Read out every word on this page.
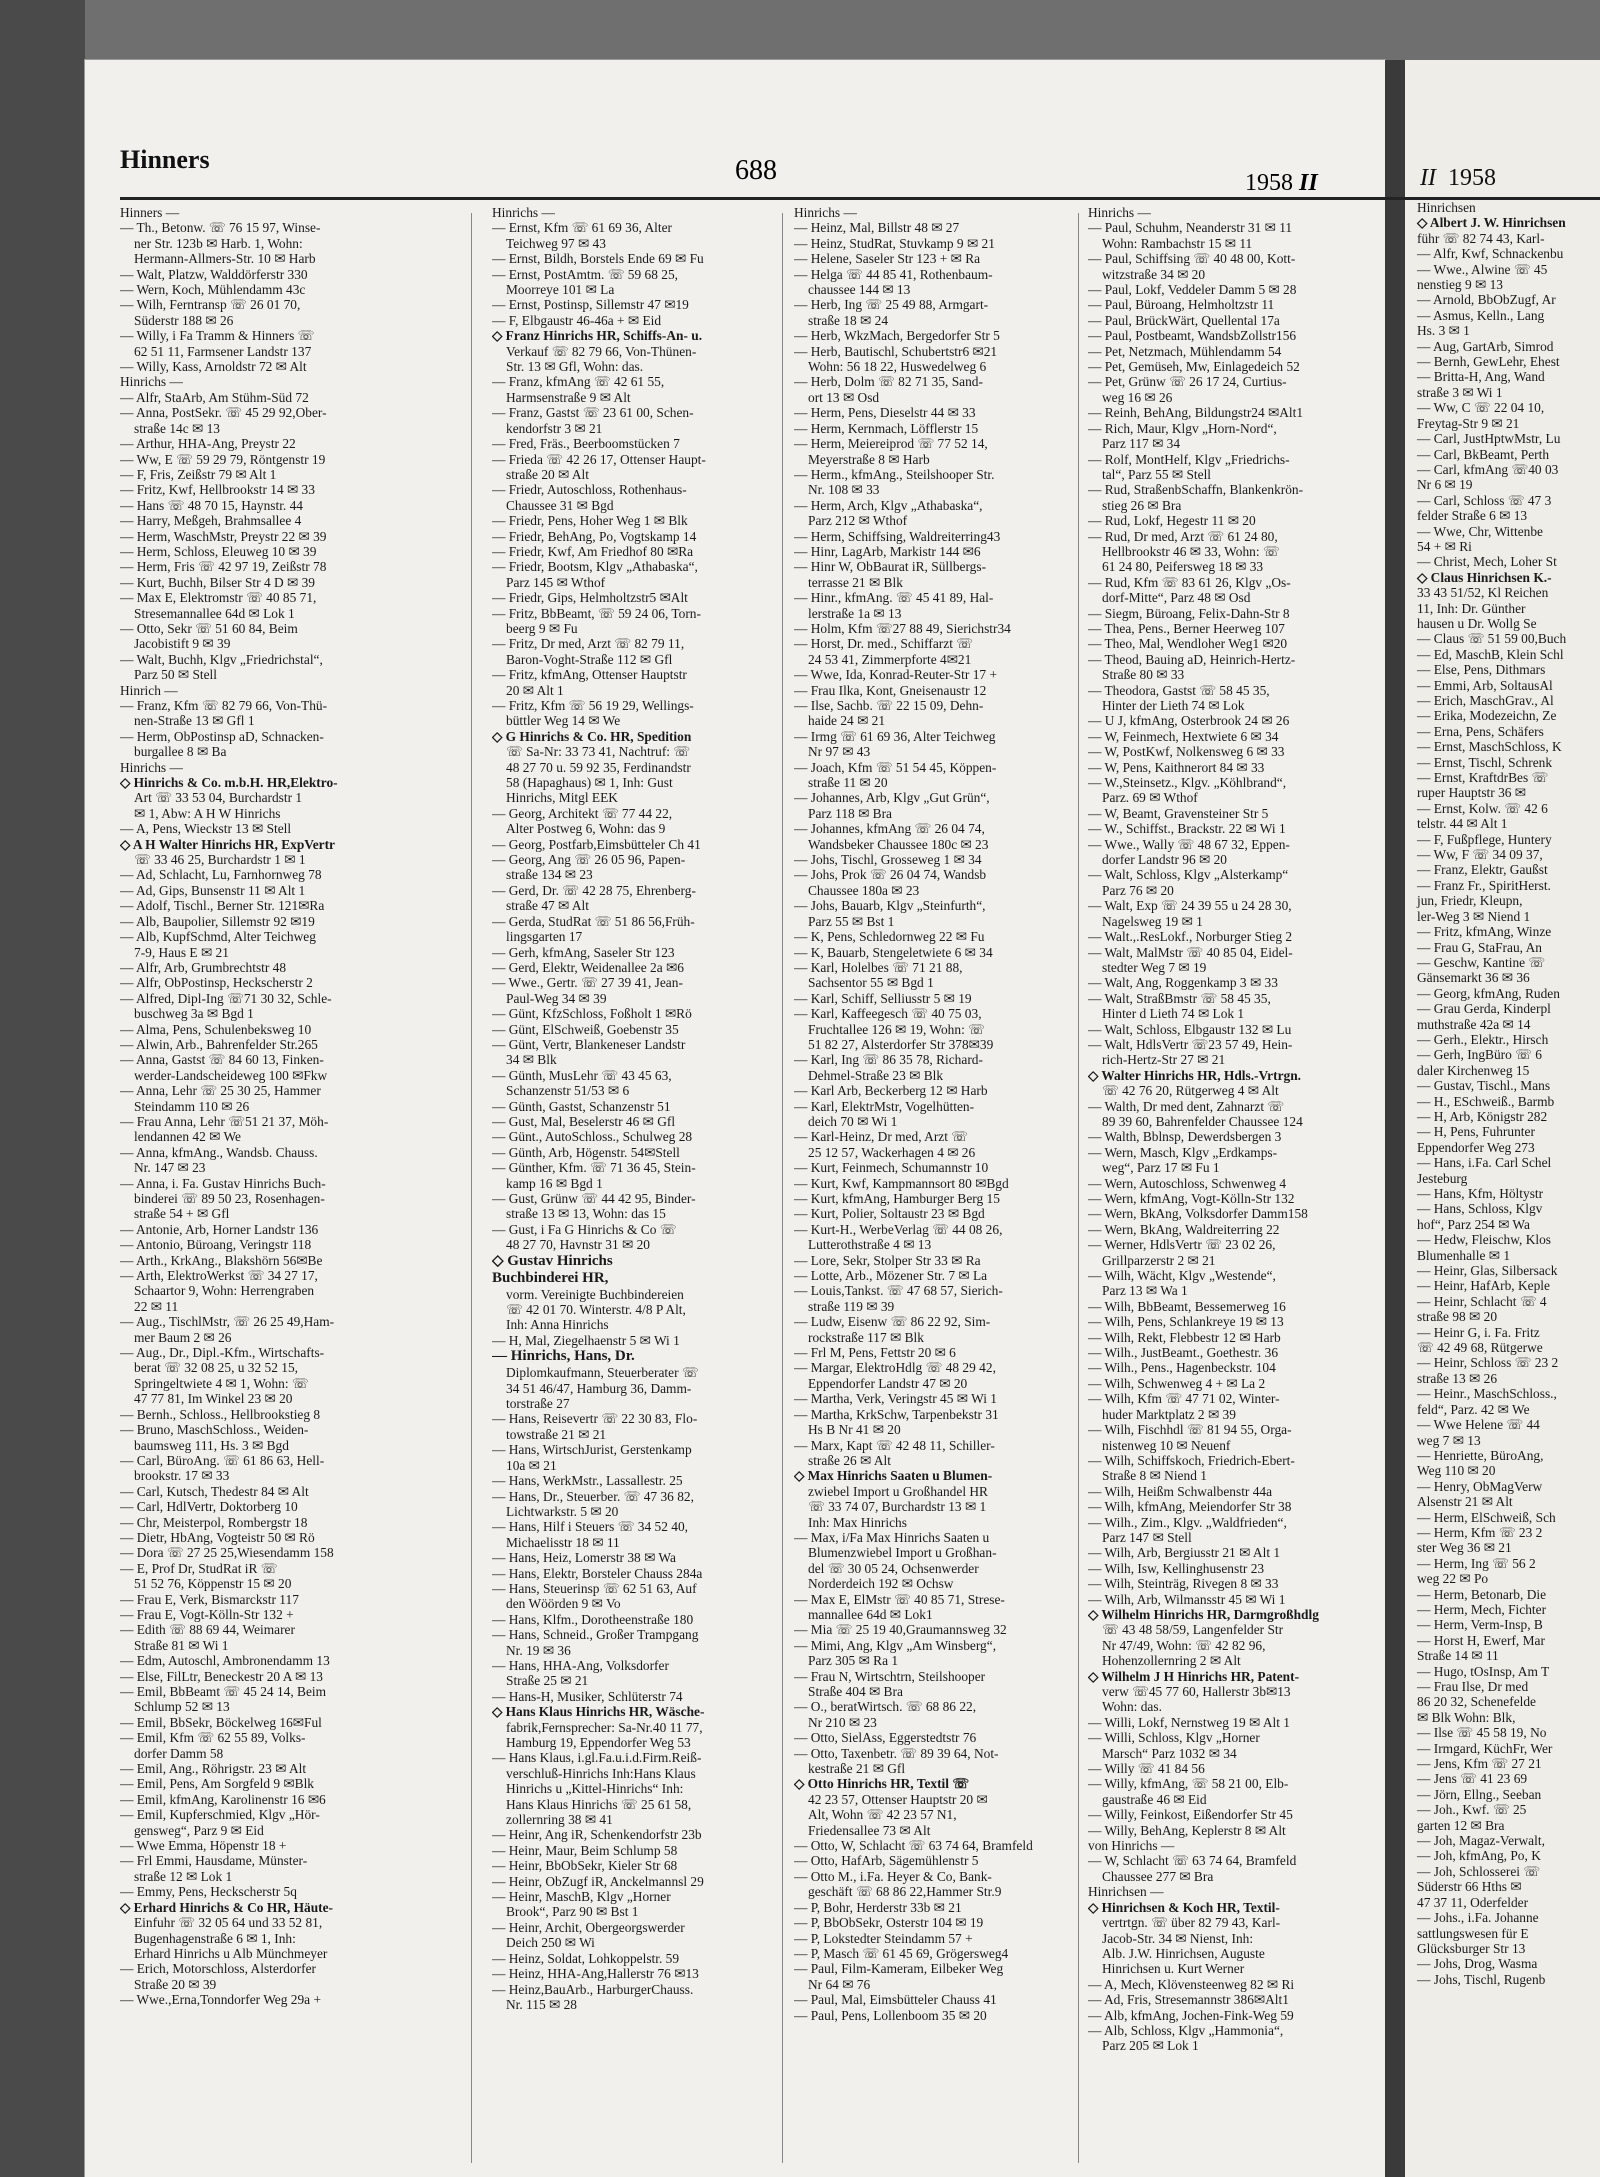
II 1958
Hinrichsen
◇ Albert J. W. Hinrichsen
führ ☏ 82 74 43, Karl-
— Alfr, Kwf, Schnackenbu
— Wwe., Alwine ☏ 45
nenstieg 9 ✉ 13
— Arnold, BbObZugf, Ar
— Asmus, Kelln., Lang
Hs. 3 ✉ 1
— Aug, GartArb, Simrod
— Bernh, GewLehr, Ehest
— Britta-H, Ang, Wand
straße 3 ✉ Wi 1
— Ww, C ☏ 22 04 10,
Freytag-Str 9 ✉ 21
— Carl, JustHptwMstr, Lu
— Carl, BkBeamt, Perth
— Carl, kfmAng ☏40 03
Nr 6 ✉ 19
— Carl, Schloss ☏ 47 3
felder Straße 6 ✉ 13
— Wwe, Chr, Wittenbe
54 + ✉ Ri
— Christ, Mech, Loher St
◇ Claus Hinrichsen K.-
33 43 51/52, Kl Reichen
11, Inh: Dr. Günther
hausen u Dr. Wollg Se
— Claus ☏ 51 59 00,Buch
— Ed, MaschB, Klein Schl
— Else, Pens, Dithmars
— Emmi, Arb, SoltausAl
— Erich, MaschGrav., Al
— Erika, Modezeichn, Ze
— Erna, Pens, Schäfers
— Ernst, MaschSchloss, K
— Ernst, Tischl, Schrenk
— Ernst, KraftdrBes ☏
ruper Hauptstr 36 ✉
— Ernst, Kolw. ☏ 42 6
telstr. 44 ✉ Alt 1
— F, Fußpflege, Huntery
— Ww, F ☏ 34 09 37,
— Franz, Elektr, Gaußst
— Franz Fr., SpiritHerst.
jun, Friedr, Kleupn,
ler-Weg 3 ✉ Niend 1
— Fritz, kfmAng, Winze
— Frau G, StaFrau, An
— Geschw, Kantine ☏
Gänsemarkt 36 ✉ 36
— Georg, kfmAng, Ruden
— Grau Gerda, Kinderpl
muthstraße 42a ✉ 14
— Gerh., Elektr., Hirsch
— Gerh, IngBüro ☏ 6
daler Kirchenweg 15
— Gustav, Tischl., Mans
— H., ESchweiß., Barmb
— H, Arb, Königstr 282
— H, Pens, Fuhrunter
Eppendorfer Weg 273
— Hans, i.Fa. Carl Schel
Jesteburg
— Hans, Kfm, Höltystr
— Hans, Schloss, Klgv
hof“, Parz 254 ✉ Wa
— Hedw, Fleischw, Klos
Blumenhalle ✉ 1
— Heinr, Glas, Silbersack
— Heinr, HafArb, Keple
— Heinr, Schlacht ☏ 4
straße 98 ✉ 20
— Heinr G, i. Fa. Fritz
☏ 42 49 68, Rütgerwe
— Heinr, Schloss ☏ 23 2
straße 13 ✉ 26
— Heinr., MaschSchloss.,
feld“, Parz. 42 ✉ We
— Wwe Helene ☏ 44
weg 7 ✉ 13
— Henriette, BüroAng,
Weg 110 ✉ 20
— Henry, ObMagVerw
Alsenstr 21 ✉ Alt
— Herm, ElSchweiß, Sch
— Herm, Kfm ☏ 23 2
ster Weg 36 ✉ 21
— Herm, Ing ☏ 56 2
weg 22 ✉ Po
— Herm, Betonarb, Die
— Herm, Mech, Fichter
— Herm, Verm-Insp, B
— Horst H, Ewerf, Mar
Straße 14 ✉ 11
— Hugo, tOsInsp, Am T
— Frau Ilse, Dr med
86 20 32, Schenefelde
✉ Blk Wohn: Blk,
— Ilse ☏ 45 58 19, No
— Irmgard, KüchFr, Wer
— Jens, Kfm ☏ 27 21
— Jens ☏ 41 23 69
— Jörn, Ellng., Seeban
— Joh., Kwf. ☏ 25
garten 12 ✉ Bra
— Joh, Magaz-Verwalt,
— Joh, kfmAng, Po, K
— Joh, Schlosserei ☏
Süderstr 66 Hths ✉
47 37 11, Oderfelder
— Johs., i.Fa. Johanne
sattlungswesen für E
Glücksburger Str 13
— Johs, Drog, Wasma
— Johs, Tischl, Rugenb
Hinners	688	1958 II
Hinners —
— Th., Betonw. ☏ 76 15 97, Winse-
ner Str. 123b ✉ Harb. 1, Wohn:
Hermann-Allmers-Str. 10 ✉ Harb
— Walt, Platzw, Walddörferstr 330
— Wern, Koch, Mühlendamm 43c
— Wilh, Ferntransp ☏ 26 01 70,
Süderstr 188 ✉ 26
— Willy, i Fa Tramm & Hinners ☏
62 51 11, Farmsener Landstr 137
— Willy, Kass, Arnoldstr 72 ✉ Alt
Hinrichs —
— Alfr, StaArb, Am Stühm-Süd 72
— Anna, PostSekr. ☏ 45 29 92,Ober-
straße 14c ✉ 13
— Arthur, HHA-Ang, Preystr 22
— Ww, E ☏ 59 29 79, Röntgenstr 19
— F, Fris, Zeißstr 79 ✉ Alt 1
— Fritz, Kwf, Hellbrookstr 14 ✉ 33
— Hans ☏ 48 70 15, Haynstr. 44
— Harry, Meßgeh, Brahmsallee 4
— Herm, WaschMstr, Preystr 22 ✉ 39
— Herm, Schloss, Eleuweg 10 ✉ 39
— Herm, Fris ☏ 42 97 19, Zeißstr 78
— Kurt, Buchh, Bilser Str 4 D ✉ 39
— Max E, Elektromstr ☏ 40 85 71,
Stresemannallee 64d ✉ Lok 1
— Otto, Sekr ☏ 51 60 84, Beim
Jacobistift 9 ✉ 39
— Walt, Buchh, Klgv „Friedrichstal“,
Parz 50 ✉ Stell
Hinrich —
— Franz, Kfm ☏ 82 79 66, Von-Thü-
nen-Straße 13 ✉ Gfl 1
— Herm, ObPostinsp aD, Schnacken-
burgallee 8 ✉ Ba
Hinrichs —
◇ Hinrichs & Co. m.b.H. HR,Elektro-
Art ☏ 33 53 04, Burchardstr 1
✉ 1, Abw: A H W Hinrichs
— A, Pens, Wieckstr 13 ✉ Stell
◇ A H Walter Hinrichs HR, ExpVertr
☏ 33 46 25, Burchardstr 1 ✉ 1
— Ad, Schlacht, Lu, Farnhornweg 78
— Ad, Gips, Bunsenstr 11 ✉ Alt 1
— Adolf, Tischl., Berner Str. 121✉Ra
— Alb, Baupolier, Sillemstr 92 ✉19
— Alb, KupfSchmd, Alter Teichweg
7-9, Haus E ✉ 21
— Alfr, Arb, Grumbrechtstr 48
— Alfr, ObPostinsp, Heckscherstr 2
— Alfred, Dipl-Ing ☏71 30 32, Schle-
buschweg 3a ✉ Bgd 1
— Alma, Pens, Schulenbeksweg 10
— Alwin, Arb., Bahrenfelder Str.265
— Anna, Gastst ☏ 84 60 13, Finken-
werder-Landscheideweg 100 ✉Fkw
— Anna, Lehr ☏ 25 30 25, Hammer
Steindamm 110 ✉ 26
— Frau Anna, Lehr ☏51 21 37, Möh-
lendannen 42 ✉ We
— Anna, kfmAng., Wandsb. Chauss.
Nr. 147 ✉ 23
— Anna, i. Fa. Gustav Hinrichs Buch-
binderei ☏ 89 50 23, Rosenhagen-
straße 54 + ✉ Gfl
— Antonie, Arb, Horner Landstr 136
— Antonio, Büroang, Veringstr 118
— Arth., KrkAng., Blakshörn 56✉Be
— Arth, ElektroWerkst ☏ 34 27 17,
Schaartor 9, Wohn: Herrengraben
22 ✉ 11
— Aug., TischlMstr, ☏ 26 25 49,Ham-
mer Baum 2 ✉ 26
— Aug., Dr., Dipl.-Kfm., Wirtschafts-
berat ☏ 32 08 25, u 32 52 15,
Springeltwiete 4 ✉ 1, Wohn: ☏
47 77 81, Im Winkel 23 ✉ 20
— Bernh., Schloss., Hellbrookstieg 8
— Bruno, MaschSchloss., Weiden-
baumsweg 111, Hs. 3 ✉ Bgd
— Carl, BüroAng. ☏ 61 86 63, Hell-
brookstr. 17 ✉ 33
— Carl, Kutsch, Thedestr 84 ✉ Alt
— Carl, HdlVertr, Doktorberg 10
— Chr, Meisterpol, Rombergstr 18
— Dietr, HbAng, Vogteistr 50 ✉ Rö
— Dora ☏ 27 25 25,Wiesendamm 158
— E, Prof Dr, StudRat iR ☏
51 52 76, Köppenstr 15 ✉ 20
— Frau E, Verk, Bismarckstr 117
— Frau E, Vogt-Kölln-Str 132 +
— Edith ☏ 88 69 44, Weimarer
Straße 81 ✉ Wi 1
— Edm, Autoschl, Ambronendamm 13
— Else, FilLtr, Beneckestr 20 A ✉ 13
— Emil, BbBeamt ☏ 45 24 14, Beim
Schlump 52 ✉ 13
— Emil, BbSekr, Böckelweg 16✉Ful
— Emil, Kfm ☏ 62 55 89, Volks-
dorfer Damm 58
— Emil, Ang., Röhrigstr. 23 ✉ Alt
— Emil, Pens, Am Sorgfeld 9 ✉Blk
— Emil, kfmAng, Karolinenstr 16 ✉6
— Emil, Kupferschmied, Klgv „Hör-
gensweg“, Parz 9 ✉ Eid
— Wwe Emma, Höpenstr 18 +
— Frl Emmi, Hausdame, Münster-
straße 12 ✉ Lok 1
— Emmy, Pens, Heckscherstr 5q
◇ Erhard Hinrichs & Co HR, Häute-
Einfuhr ☏ 32 05 64 und 33 52 81,
Bugenhagenstraße 6 ✉ 1, Inh:
Erhard Hinrichs u Alb Münchmeyer
— Erich, Motorschloss, Alsterdorfer
Straße 20 ✉ 39
— Wwe.,Erna,Tonndorfer Weg 29a +
Hinrichs —
— Ernst, Kfm ☏ 61 69 36, Alter
Teichweg 97 ✉ 43
— Ernst, Bildh, Borstels Ende 69 ✉ Fu
— Ernst, PostAmtm. ☏ 59 68 25,
Moorreye 101 ✉ La
— Ernst, Postinsp, Sillemstr 47 ✉19
— F, Elbgaustr 46-46a + ✉ Eid
◇ Franz Hinrichs HR, Schiffs-An- u.
Verkauf ☏ 82 79 66, Von-Thünen-
Str. 13 ✉ Gfl, Wohn: das.
— Franz, kfmAng ☏ 42 61 55,
Harmsenstraße 9 ✉ Alt
— Franz, Gastst ☏ 23 61 00, Schen-
kendorfstr 3 ✉ 21
— Fred, Fräs., Beerboomstücken 7
— Frieda ☏ 42 26 17, Ottenser Haupt-
straße 20 ✉ Alt
— Friedr, Autoschloss, Rothenhaus-
Chaussee 31 ✉ Bgd
— Friedr, Pens, Hoher Weg 1 ✉ Blk
— Friedr, BehAng, Po, Vogtskamp 14
— Friedr, Kwf, Am Friedhof 80 ✉Ra
— Friedr, Bootsm, Klgv „Athabaska“,
Parz 145 ✉ Wthof
— Friedr, Gips, Helmholtzstr5 ✉Alt
— Fritz, BbBeamt, ☏ 59 24 06, Torn-
beerg 9 ✉ Fu
— Fritz, Dr med, Arzt ☏ 82 79 11,
Baron-Voght-Straße 112 ✉ Gfl
— Fritz, kfmAng, Ottenser Hauptstr
20 ✉ Alt 1
— Fritz, Kfm ☏ 56 19 29, Wellings-
büttler Weg 14 ✉ We
◇ G Hinrichs & Co. HR, Spedition
☏ Sa-Nr: 33 73 41, Nachtruf: ☏
48 27 70 u. 59 92 35, Ferdinandstr
58 (Hapaghaus) ✉ 1, Inh: Gust
Hinrichs, Mitgl EEK
— Georg, Architekt ☏ 77 44 22,
Alter Postweg 6, Wohn: das 9
— Georg, Postfarb,Eimsbütteler Ch 41
— Georg, Ang ☏ 26 05 96, Papen-
straße 134 ✉ 23
— Gerd, Dr. ☏ 42 28 75, Ehrenberg-
straße 47 ✉ Alt
— Gerda, StudRat ☏ 51 86 56,Früh-
lingsgarten 17
— Gerh, kfmAng, Saseler Str 123
— Gerd, Elektr, Weidenallee 2a ✉6
— Wwe., Gertr. ☏ 27 39 41, Jean-
Paul-Weg 34 ✉ 39
— Günt, KfzSchloss, Foßholt 1 ✉Rö
— Günt, ElSchweiß, Goebenstr 35
— Günt, Vertr, Blankeneser Landstr
34 ✉ Blk
— Günth, MusLehr ☏ 43 45 63,
Schanzenstr 51/53 ✉ 6
— Günth, Gastst, Schanzenstr 51
— Gust, Mal, Beselerstr 46 ✉ Gfl
— Günt., AutoSchloss., Schulweg 28
— Günth, Arb, Högenstr. 54✉Stell
— Günther, Kfm. ☏ 71 36 45, Stein-
kamp 16 ✉ Bgd 1
— Gust, Grünw ☏ 44 42 95, Binder-
straße 13 ✉ 13, Wohn: das 15
— Gust, i Fa G Hinrichs & Co ☏
48 27 70, Havnstr 31 ✉ 20
◇ Gustav Hinrichs
Buchbinderei HR,
vorm. Vereinigte Buchbindereien
☏ 42 01 70. Winterstr. 4/8 P Alt,
Inh: Anna Hinrichs
— H, Mal, Ziegelhaenstr 5 ✉ Wi 1
— Hinrichs, Hans, Dr.
Diplomkaufmann, Steuerberater ☏
34 51 46/47, Hamburg 36, Damm-
torstraße 27
— Hans, Reisevertr ☏ 22 30 83, Flo-
towstraße 21 ✉ 21
— Hans, WirtschJurist, Gerstenkamp
10a ✉ 21
— Hans, WerkMstr., Lassallestr. 25
— Hans, Dr., Steuerber. ☏ 47 36 82,
Lichtwarkstr. 5 ✉ 20
— Hans, Hilf i Steuers ☏ 34 52 40,
Michaelisstr 18 ✉ 11
— Hans, Heiz, Lomerstr 38 ✉ Wa
— Hans, Elektr, Borsteler Chauss 284a
— Hans, Steuerinsp ☏ 62 51 63, Auf
den Wöörden 9 ✉ Vo
— Hans, Klfm., Dorotheenstraße 180
— Hans, Schneid., Großer Trampgang
Nr. 19 ✉ 36
— Hans, HHA-Ang, Volksdorfer
Straße 25 ✉ 21
— Hans-H, Musiker, Schlüterstr 74
◇ Hans Klaus Hinrichs HR, Wäsche-
fabrik,Fernsprecher: Sa-Nr.40 11 77,
Hamburg 19, Eppendorfer Weg 53
— Hans Klaus, i.gl.Fa.u.i.d.Firm.Reiß-
verschluß-Hinrichs Inh:Hans Klaus
Hinrichs u „Kittel-Hinrichs“ Inh:
Hans Klaus Hinrichs ☏ 25 61 58,
zollernring 38 ✉ 41
— Heinr, Ang iR, Schenkendorfstr 23b
— Heinr, Maur, Beim Schlump 58
— Heinr, BbObSekr, Kieler Str 68
— Heinr, ObZugf iR, Anckelmannsl 29
— Heinr, MaschB, Klgv „Horner
Brook“, Parz 90 ✉ Bst 1
— Heinr, Archit, Obergeorgswerder
Deich 250 ✉ Wi
— Heinz, Soldat, Lohkoppelstr. 59
— Heinz, HHA-Ang,Hallerstr 76 ✉13
— Heinz,BauArb., HarburgerChauss.
Nr. 115 ✉ 28
Hinrichs —
— Heinz, Mal, Billstr 48 ✉ 27
— Heinz, StudRat, Stuvkamp 9 ✉ 21
— Helene, Saseler Str 123 + ✉ Ra
— Helga ☏ 44 85 41, Rothenbaum-
chaussee 144 ✉ 13
— Herb, Ing ☏ 25 49 88, Armgart-
straße 18 ✉ 24
— Herb, WkzMach, Bergedorfer Str 5
— Herb, Bautischl, Schubertstr6 ✉21
Wohn: 56 18 22, Huswedelweg 6
— Herb, Dolm ☏ 82 71 35, Sand-
ort 13 ✉ Osd
— Herm, Pens, Dieselstr 44 ✉ 33
— Herm, Kernmach, Löfflerstr 15
— Herm, Meiereiprod ☏ 77 52 14,
Meyerstraße 8 ✉ Harb
— Herm., kfmAng., Steilshooper Str.
Nr. 108 ✉ 33
— Herm, Arch, Klgv „Athabaska“,
Parz 212 ✉ Wthof
— Herm, Schiffsing, Waldreiterring43
— Hinr, LagArb, Markistr 144 ✉6
— Hinr W, ObBaurat iR, Süllbergs-
terrasse 21 ✉ Blk
— Hinr., kfmAng. ☏ 45 41 89, Hal-
lerstraße 1a ✉ 13
— Holm, Kfm ☏27 88 49, Sierichstr34
— Horst, Dr. med., Schiffarzt ☏
24 53 41, Zimmerpforte 4✉21
— Wwe, Ida, Konrad-Reuter-Str 17 +
— Frau Ilka, Kont, Gneisenaustr 12
— Ilse, Sachb. ☏ 22 15 09, Dehn-
haide 24 ✉ 21
— Irmg ☏ 61 69 36, Alter Teichweg
Nr 97 ✉ 43
— Joach, Kfm ☏ 51 54 45, Köppen-
straße 11 ✉ 20
— Johannes, Arb, Klgv „Gut Grün“,
Parz 118 ✉ Bra
— Johannes, kfmAng ☏ 26 04 74,
Wandsbeker Chaussee 180c ✉ 23
— Johs, Tischl, Grosseweg 1 ✉ 34
— Johs, Prok ☏ 26 04 74, Wandsb
Chaussee 180a ✉ 23
— Johs, Bauarb, Klgv „Steinfurth“,
Parz 55 ✉ Bst 1
— K, Pens, Schledornweg 22 ✉ Fu
— K, Bauarb, Stengeletwiete 6 ✉ 34
— Karl, Holelbes ☏ 71 21 88,
Sachsentor 55 ✉ Bgd 1
— Karl, Schiff, Selliusstr 5 ✉ 19
— Karl, Kaffeegesch ☏ 40 75 03,
Fruchtallee 126 ✉ 19, Wohn: ☏
51 82 27, Alsterdorfer Str 378✉39
— Karl, Ing ☏ 86 35 78, Richard-
Dehmel-Straße 23 ✉ Blk
— Karl Arb, Beckerberg 12 ✉ Harb
— Karl, ElektrMstr, Vogelhütten-
deich 70 ✉ Wi 1
— Karl-Heinz, Dr med, Arzt ☏
25 12 57, Wackerhagen 4 ✉ 26
— Kurt, Feinmech, Schumannstr 10
— Kurt, Kwf, Kampmannsort 80 ✉Bgd
— Kurt, kfmAng, Hamburger Berg 15
— Kurt, Polier, Soltaustr 23 ✉ Bgd
— Kurt-H., WerbeVerlag ☏ 44 08 26,
Lutterothstraße 4 ✉ 13
— Lore, Sekr, Stolper Str 33 ✉ Ra
— Lotte, Arb., Mözener Str. 7 ✉ La
— Louis,Tankst. ☏ 47 68 57, Sierich-
straße 119 ✉ 39
— Ludw, Eisenw ☏ 86 22 92, Sim-
rockstraße 117 ✉ Blk
— Frl M, Pens, Fettstr 20 ✉ 6
— Margar, ElektroHdlg ☏ 48 29 42,
Eppendorfer Landstr 47 ✉ 20
— Martha, Verk, Veringstr 45 ✉ Wi 1
— Martha, KrkSchw, Tarpenbekstr 31
Hs B Nr 41 ✉ 20
— Marx, Kapt ☏ 42 48 11, Schiller-
straße 26 ✉ Alt
◇ Max Hinrichs Saaten u Blumen-
zwiebel Import u Großhandel HR
☏ 33 74 07, Burchardstr 13 ✉ 1
Inh: Max Hinrichs
— Max, i/Fa Max Hinrichs Saaten u
Blumenzwiebel Import u Großhan-
del ☏ 30 05 24, Ochsenwerder
Norderdeich 192 ✉ Ochsw
— Max E, ElMstr ☏ 40 85 71, Strese-
mannallee 64d ✉ Lok1
— Mia ☏ 25 19 40,Graumannsweg 32
— Mimi, Ang, Klgv „Am Winsberg“,
Parz 305 ✉ Ra 1
— Frau N, Wirtschtrn, Steilshooper
Straße 404 ✉ Bra
— O., beratWirtsch. ☏ 68 86 22,
Nr 210 ✉ 23
— Otto, SielAss, Eggerstedtstr 76
— Otto, Taxenbetr. ☏ 89 39 64, Not-
kestraße 21 ✉ Gfl
◇ Otto Hinrichs HR, Textil ☏
42 23 57, Ottenser Hauptstr 20 ✉
Alt, Wohn ☏ 42 23 57 N1,
Friedensallee 73 ✉ Alt
— Otto, W, Schlacht ☏ 63 74 64, Bramfeld
— Otto, HafArb, Sägemühlenstr 5
— Otto M., i.Fa. Heyer & Co, Bank-
geschäft ☏ 68 86 22,Hammer Str.9
— P, Bohr, Herderstr 33b ✉ 21
— P, BbObSekr, Osterstr 104 ✉ 19
— P, Lokstedter Steindamm 57 +
— P, Masch ☏ 61 45 69, Grögersweg4
— Paul, Film-Kameram, Eilbeker Weg
Nr 64 ✉ 76
— Paul, Mal, Eimsbütteler Chauss 41
— Paul, Pens, Lollenboom 35 ✉ 20
Hinrichs —
— Paul, Schuhm, Neanderstr 31 ✉ 11
Wohn: Rambachstr 15 ✉ 11
— Paul, Schiffsing ☏ 40 48 00, Kott-
witzstraße 34 ✉ 20
— Paul, Lokf, Veddeler Damm 5 ✉ 28
— Paul, Büroang, Helmholtzstr 11
— Paul, BrückWärt, Quellental 17a
— Paul, Postbeamt, WandsbZollstr156
— Pet, Netzmach, Mühlendamm 54
— Pet, Gemüseh, Mw, Einlagedeich 52
— Pet, Grünw ☏ 26 17 24, Curtius-
weg 16 ✉ 26
— Reinh, BehAng, Bildungstr24 ✉Alt1
— Rich, Maur, Klgv „Horn-Nord“,
Parz 117 ✉ 34
— Rolf, MontHelf, Klgv „Friedrichs-
tal“, Parz 55 ✉ Stell
— Rud, StraßenbSchaffn, Blankenkrön-
stieg 26 ✉ Bra
— Rud, Lokf, Hegestr 11 ✉ 20
— Rud, Dr med, Arzt ☏ 61 24 80,
Hellbrookstr 46 ✉ 33, Wohn: ☏
61 24 80, Peifersweg 18 ✉ 33
— Rud, Kfm ☏ 83 61 26, Klgv „Os-
dorf-Mitte“, Parz 48 ✉ Osd
— Siegm, Büroang, Felix-Dahn-Str 8
— Thea, Pens., Berner Heerweg 107
— Theo, Mal, Wendloher Weg1 ✉20
— Theod, Bauing aD, Heinrich-Hertz-
Straße 80 ✉ 33
— Theodora, Gastst ☏ 58 45 35,
Hinter der Lieth 74 ✉ Lok
— U J, kfmAng, Osterbrook 24 ✉ 26
— W, Feinmech, Hextwiete 6 ✉ 34
— W, PostKwf, Nolkensweg 6 ✉ 33
— W, Pens, Kaithnerort 84 ✉ 33
— W.,Steinsetz., Klgv. „Köhlbrand“,
Parz. 69 ✉ Wthof
— W, Beamt, Gravensteiner Str 5
— W., Schiffst., Brackstr. 22 ✉ Wi 1
— Wwe., Wally ☏ 48 67 32, Eppen-
dorfer Landstr 96 ✉ 20
— Walt, Schloss, Klgv „Alsterkamp“
Parz 76 ✉ 20
— Walt, Exp ☏ 24 39 55 u 24 28 30,
Nagelsweg 19 ✉ 1
— Walt.,.ResLokf., Norburger Stieg 2
— Walt, MalMstr ☏ 40 85 04, Eidel-
stedter Weg 7 ✉ 19
— Walt, Ang, Roggenkamp 3 ✉ 33
— Walt, StraßBmstr ☏ 58 45 35,
Hinter d Lieth 74 ✉ Lok 1
— Walt, Schloss, Elbgaustr 132 ✉ Lu
— Walt, HdlsVertr ☏23 57 49, Hein-
rich-Hertz-Str 27 ✉ 21
◇ Walter Hinrichs HR, Hdls.-Vrtrgn.
☏ 42 76 20, Rütgerweg 4 ✉ Alt
— Walth, Dr med dent, Zahnarzt ☏
89 39 60, Bahrenfelder Chaussee 124
— Walth, Bblnsp, Dewerdsbergen 3
— Wern, Masch, Klgv „Erdkamps-
weg“, Parz 17 ✉ Fu 1
— Wern, Autoschloss, Schwenweg 4
— Wern, kfmAng, Vogt-Kölln-Str 132
— Wern, BkAng, Volksdorfer Damm158
— Wern, BkAng, Waldreiterring 22
— Werner, HdlsVertr ☏ 23 02 26,
Grillparzerstr 2 ✉ 21
— Wilh, Wächt, Klgv „Westende“,
Parz 13 ✉ Wa 1
— Wilh, BbBeamt, Bessemerweg 16
— Wilh, Pens, Schlankreye 19 ✉ 13
— Wilh, Rekt, Flebbestr 12 ✉ Harb
— Wilh., JustBeamt., Goethestr. 36
— Wilh., Pens., Hagenbeckstr. 104
— Wilh, Schwenweg 4 + ✉ La 2
— Wilh, Kfm ☏ 47 71 02, Winter-
huder Marktplatz 2 ✉ 39
— Wilh, Fischhdl ☏ 81 94 55, Orga-
nistenweg 10 ✉ Neuenf
— Wilh, Schiffskoch, Friedrich-Ebert-
Straße 8 ✉ Niend 1
— Wilh, Heißm Schwalbenstr 44a
— Wilh, kfmAng, Meiendorfer Str 38
— Wilh., Zim., Klgv. „Waldfrieden“,
Parz 147 ✉ Stell
— Wilh, Arb, Bergiusstr 21 ✉ Alt 1
— Wilh, Isw, Kellinghusenstr 23
— Wilh, Steinträg, Rivegen 8 ✉ 33
— Wilh, Arb, Wilmansstr 45 ✉ Wi 1
◇ Wilhelm Hinrichs HR, Darmgroßhdlg
☏ 43 48 58/59, Langenfelder Str
Nr 47/49, Wohn: ☏ 42 82 96,
Hohenzollernring 2 ✉ Alt
◇ Wilhelm J H Hinrichs HR, Patent-
verw ☏45 77 60, Hallerstr 3b✉13
Wohn: das.
— Willi, Lokf, Nernstweg 19 ✉ Alt 1
— Willi, Schloss, Klgv „Horner
Marsch“ Parz 1032 ✉ 34
— Willy ☏ 41 84 56
— Willy, kfmAng, ☏ 58 21 00, Elb-
gaustraße 46 ✉ Eid
— Willy, Feinkost, Eißendorfer Str 45
— Willy, BehAng, Keplerstr 8 ✉ Alt
von Hinrichs —
— W, Schlacht ☏ 63 74 64, Bramfeld
Chaussee 277 ✉ Bra
Hinrichsen —
◇ Hinrichsen & Koch HR, Textil-
vertrtgn. ☏ über 82 79 43, Karl-
Jacob-Str. 34 ✉ Nienst, Inh:
Alb. J.W. Hinrichsen, Auguste
Hinrichsen u. Kurt Werner
— A, Mech, Klövensteenweg 82 ✉ Ri
— Ad, Fris, Stresemannstr 386✉Alt1
— Alb, kfmAng, Jochen-Fink-Weg 59
— Alb, Schloss, Klgv „Hammonia“,
Parz 205 ✉ Lok 1
